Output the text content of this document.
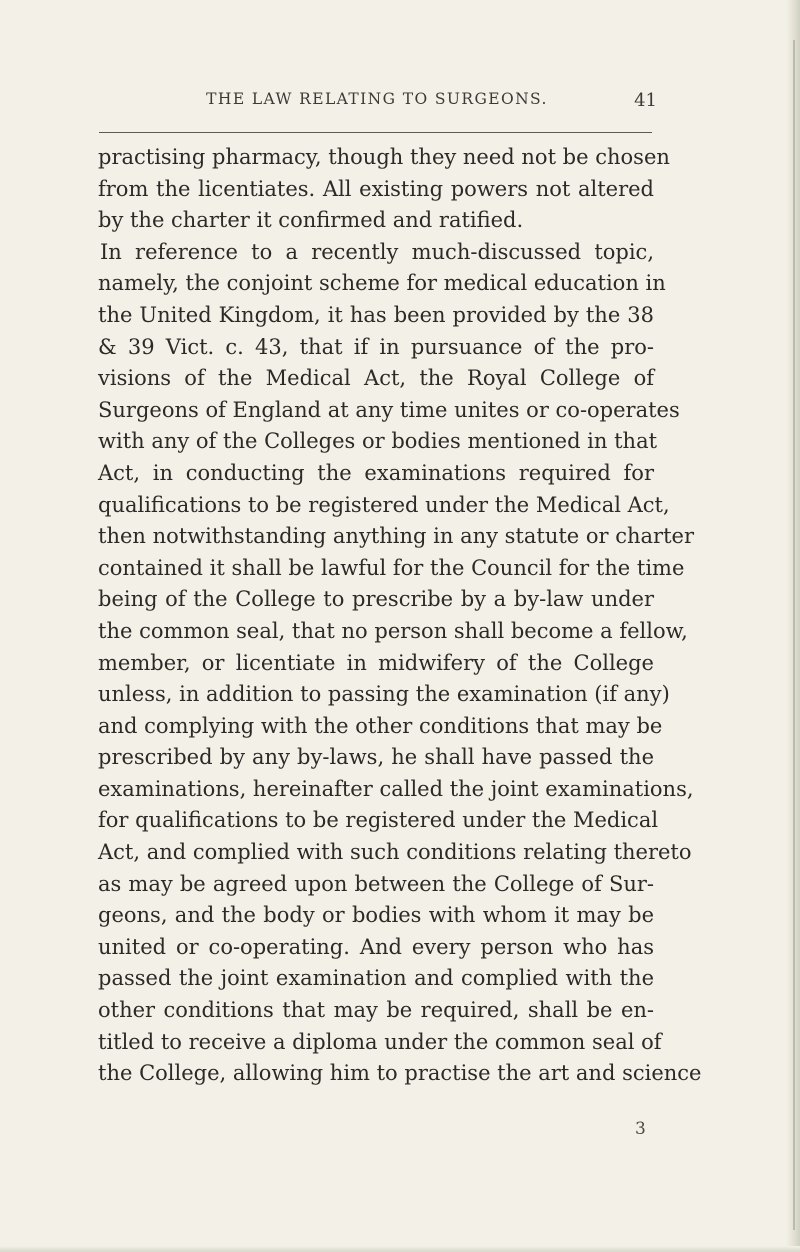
THE LAW RELATING TO SURGEONS.	41
practising pharmacy, though they need not be chosen
from the licentiates. All existing powers not altered
by the charter it confirmed and ratified.
In reference to a recently much-discussed topic,
namely, the conjoint scheme for medical education in
the United Kingdom, it has been provided by the 38
& 39 Vict. c. 43, that if in pursuance of the pro-
visions of the Medical Act, the Royal College of
Surgeons of England at any time unites or co-operates
with any of the Colleges or bodies mentioned in that
Act, in conducting the examinations required for
qualifications to be registered under the Medical Act,
then notwithstanding anything in any statute or charter
contained it shall be lawful for the Council for the time
being of the College to prescribe by a by-law under
the common seal, that no person shall become a fellow,
member, or licentiate in midwifery of the College
unless, in addition to passing the examination (if any)
and complying with the other conditions that may be
prescribed by any by-laws, he shall have passed the
examinations, hereinafter called the joint examinations,
for qualifications to be registered under the Medical
Act, and complied with such conditions relating thereto
as may be agreed upon between the College of Sur-
geons, and the body or bodies with whom it may be
united or co-operating. And every person who has
passed the joint examination and complied with the
other conditions that may be required, shall be en-
titled to receive a diploma under the common seal of
the College, allowing him to practise the art and science
3
